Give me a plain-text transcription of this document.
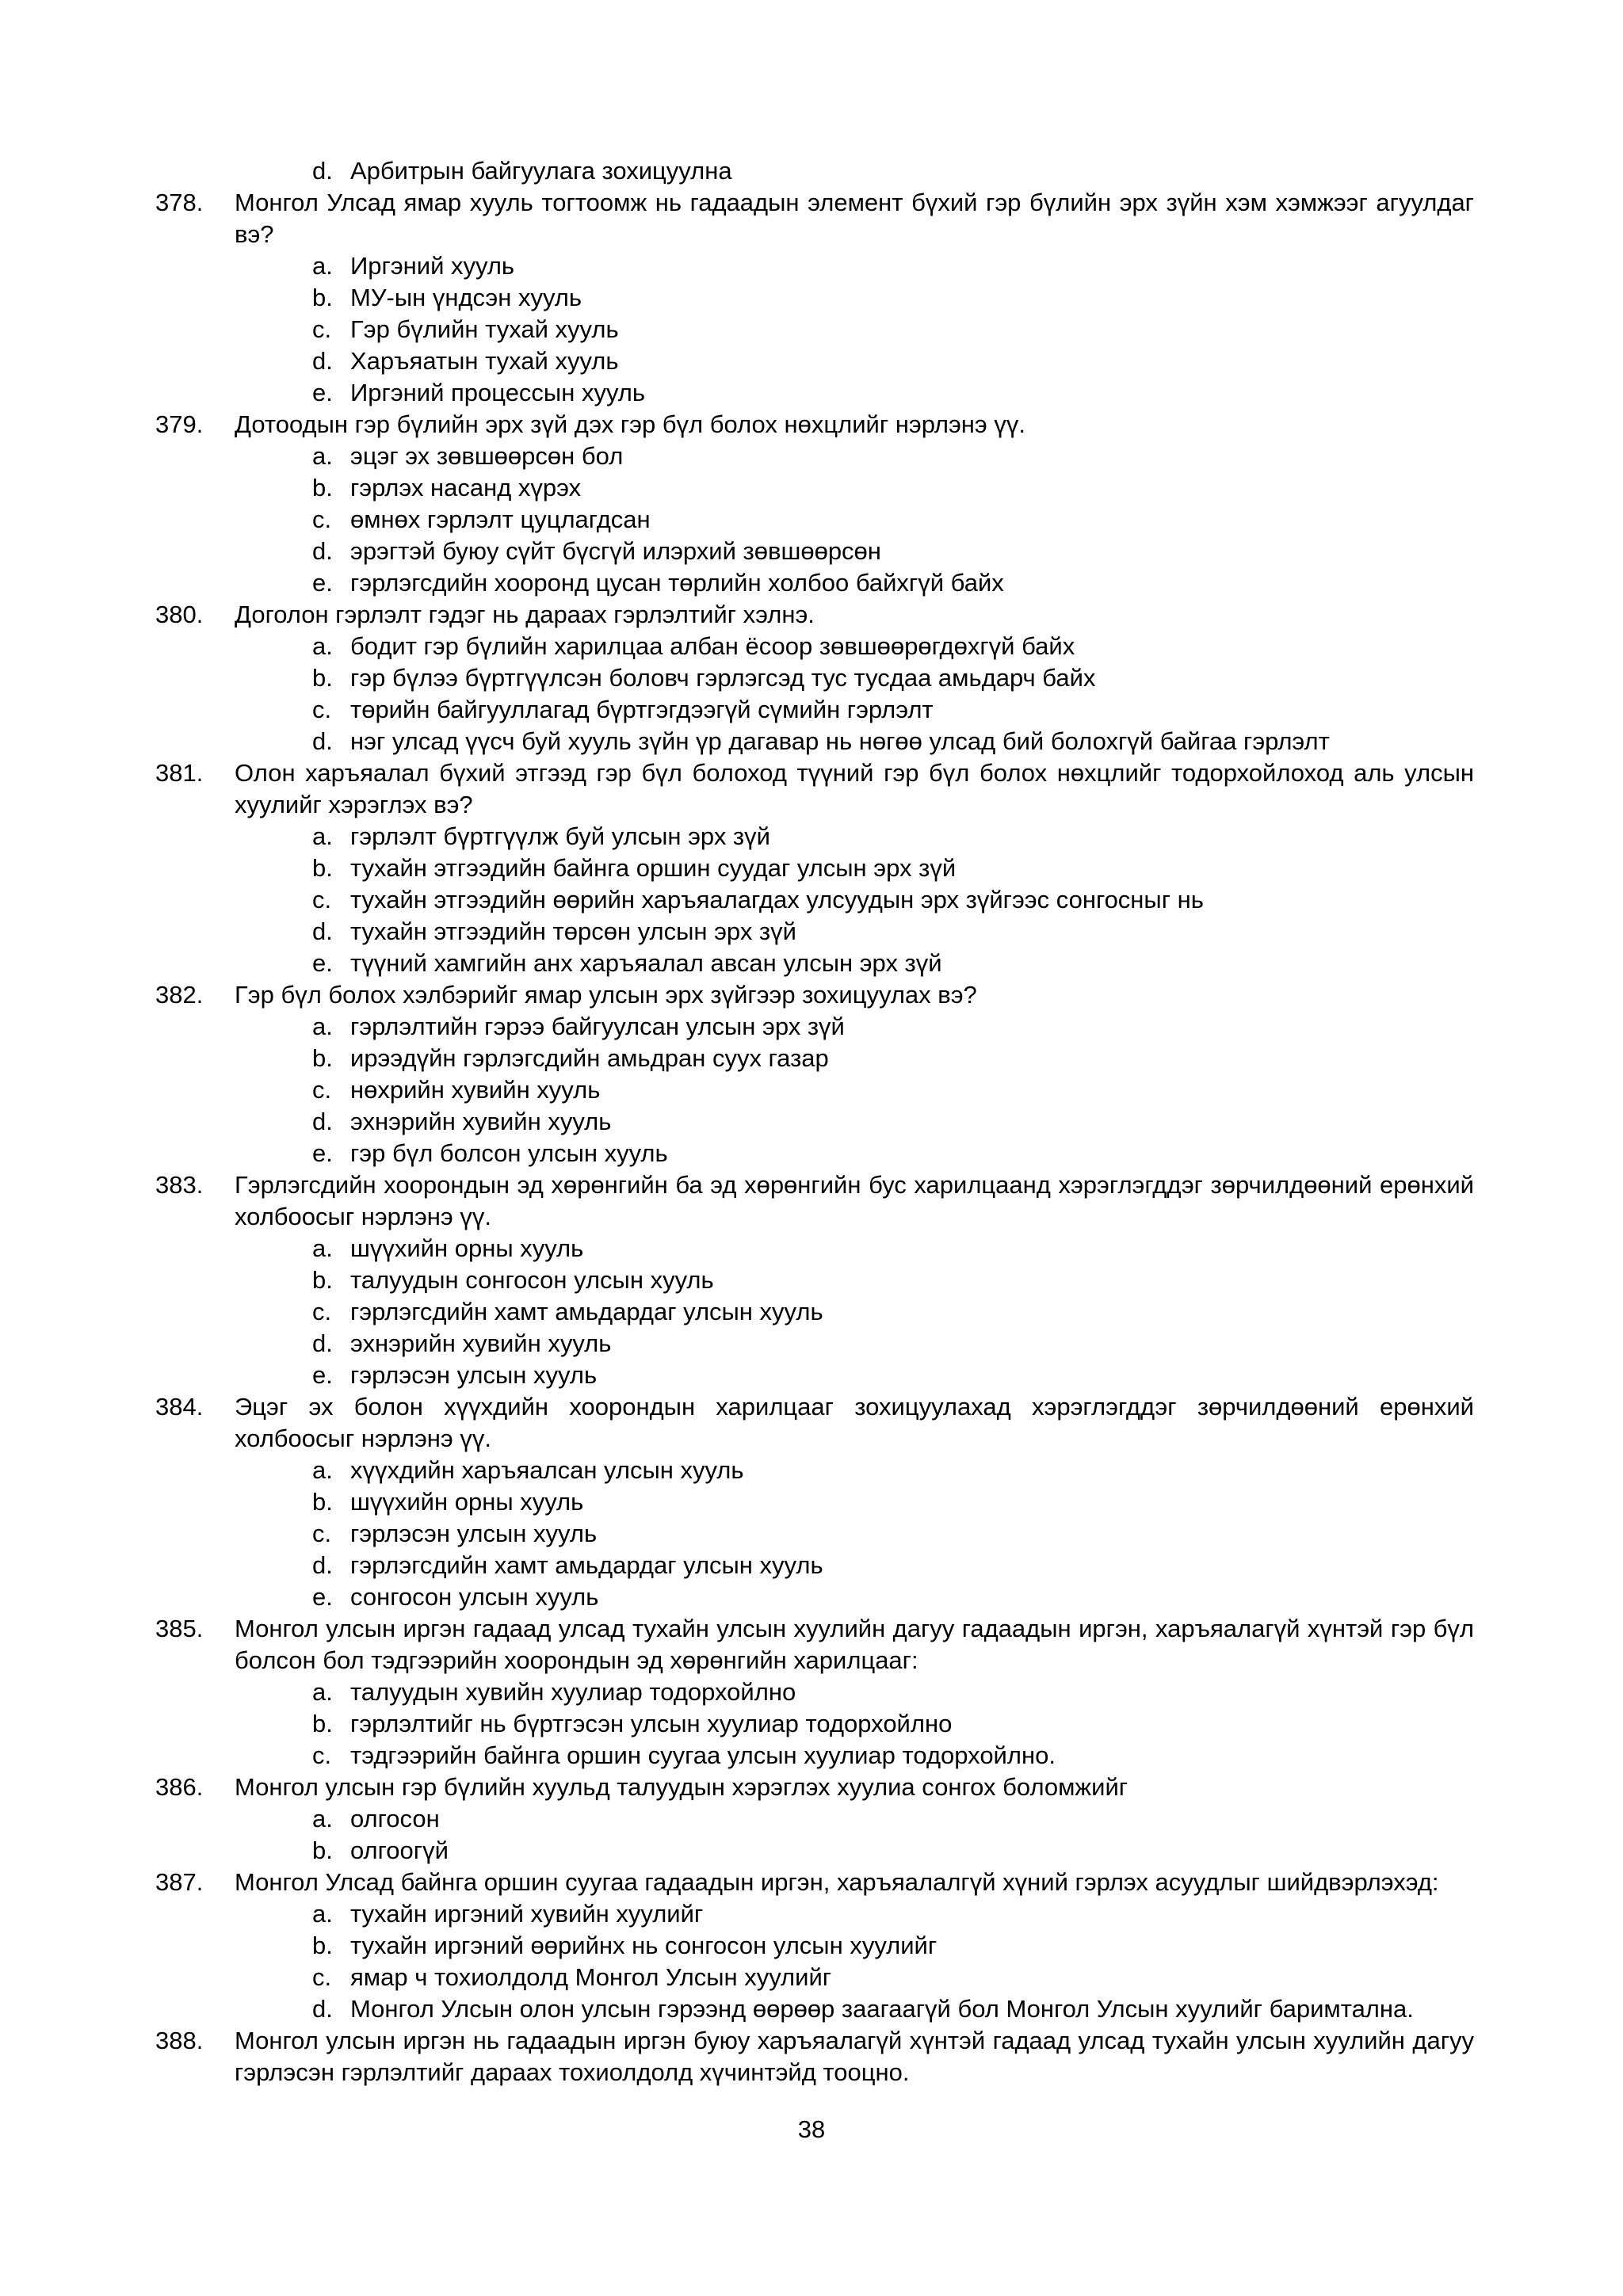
d. Арбитрын байгуулага зохицуулна
378.	Монгол Улсад ямар хууль тогтоомж нь гадаадын элемент бүхий гэр бүлийн эрх зүйн хэм хэмжээг агуулдаг вэ?
a. Иргэний хууль
b. МУ-ын үндсэн хууль
c. Гэр бүлийн тухай хууль
d. Харъяатын тухай хууль
e. Иргэний процессын хууль
379.	Дотоодын гэр бүлийн эрх зүй дэх гэр бүл болох нөхцлийг нэрлэнэ үү.
a. эцэг эх зөвшөөрсөн бол
b. гэрлэх насанд хүрэх
c. өмнөх гэрлэлт цуцлагдсан
d. эрэгтэй буюу сүйт бүсгүй илэрхий зөвшөөрсөн
e. гэрлэгсдийн хооронд цусан төрлийн холбоо байхгүй байх
380.	Доголон гэрлэлт гэдэг нь дараах гэрлэлтийг хэлнэ.
a. бодит гэр бүлийн харилцаа албан ёсоор зөвшөөрөгдөхгүй байх
b. гэр бүлээ бүртгүүлсэн боловч гэрлэгсэд тус тусдаа амьдарч байх
c. төрийн байгууллагад бүртгэгдээгүй сүмийн гэрлэлт
d. нэг улсад үүсч буй хууль зүйн үр дагавар нь нөгөө улсад бий болохгүй байгаа гэрлэлт
381.	Олон харъяалал бүхий этгээд гэр бүл болоход түүний гэр бүл болох нөхцлийг тодорхойлоход аль улсын хуулийг хэрэглэх вэ?
a. гэрлэлт бүртгүүлж буй улсын эрх зүй
b. тухайн этгээдийн байнга оршин суудаг улсын эрх зүй
c. тухайн этгээдийн өөрийн харъяалагдах улсуудын эрх зүйгээс сонгосныг нь
d. тухайн этгээдийн төрсөн улсын эрх зүй
e. түүний хамгийн анх харъяалал авсан улсын эрх зүй
382.	Гэр бүл болох хэлбэрийг ямар улсын эрх зүйгээр зохицуулах вэ?
a. гэрлэлтийн гэрээ байгуулсан улсын эрх зүй
b. ирээдүйн гэрлэгсдийн амьдран суух газар
c. нөхрийн хувийн хууль
d. эхнэрийн хувийн хууль
e. гэр бүл болсон улсын хууль
383.	Гэрлэгсдийн хоорондын эд хөрөнгийн ба эд хөрөнгийн бус харилцаанд хэрэглэгддэг зөрчилдөөний ерөнхий холбоосыг нэрлэнэ үү.
a. шүүхийн орны хууль
b. талуудын сонгосон улсын хууль
c. гэрлэгсдийн хамт амьдардаг улсын хууль
d. эхнэрийн хувийн хууль
e. гэрлэсэн улсын хууль
384.	Эцэг эх болон хүүхдийн хоорондын харилцааг зохицуулахад хэрэглэгддэг зөрчилдөөний ерөнхий холбоосыг нэрлэнэ үү.
a. хүүхдийн харъяалсан улсын хууль
b. шүүхийн орны хууль
c. гэрлэсэн улсын хууль
d. гэрлэгсдийн хамт амьдардаг улсын хууль
e. сонгосон улсын хууль
385.	Монгол улсын иргэн гадаад улсад тухайн улсын хуулийн дагуу гадаадын иргэн, харъяалагүй хүнтэй гэр бүл болсон бол тэдгээрийн хоорондын эд хөрөнгийн харилцааг:
a. талуудын хувийн хуулиар тодорхойлно
b. гэрлэлтийг нь бүртгэсэн улсын хуулиар тодорхойлно
c. тэдгээрийн байнга оршин суугаа улсын хуулиар тодорхойлно.
386.	Монгол улсын гэр бүлийн хуульд талуудын хэрэглэх хуулиа сонгох боломжийг
a. олгосон
b. олгоогүй
387.	Монгол Улсад байнга оршин суугаа гадаадын иргэн, харъяалалгүй хүний гэрлэх асуудлыг шийдвэрлэхэд:
a. тухайн иргэний хувийн хуулийг
b. тухайн иргэний өөрийнх нь сонгосон улсын хуулийг
c. ямар ч тохиолдолд Монгол Улсын хуулийг
d. Монгол Улсын олон улсын гэрээнд өөрөөр заагаагүй бол Монгол Улсын хуулийг баримтална.
388.	Монгол улсын иргэн нь гадаадын иргэн буюу харъяалагүй хүнтэй гадаад улсад тухайн улсын хуулийн дагуу гэрлэсэн гэрлэлтийг дараах тохиолдолд хүчинтэйд тооцно.
38
